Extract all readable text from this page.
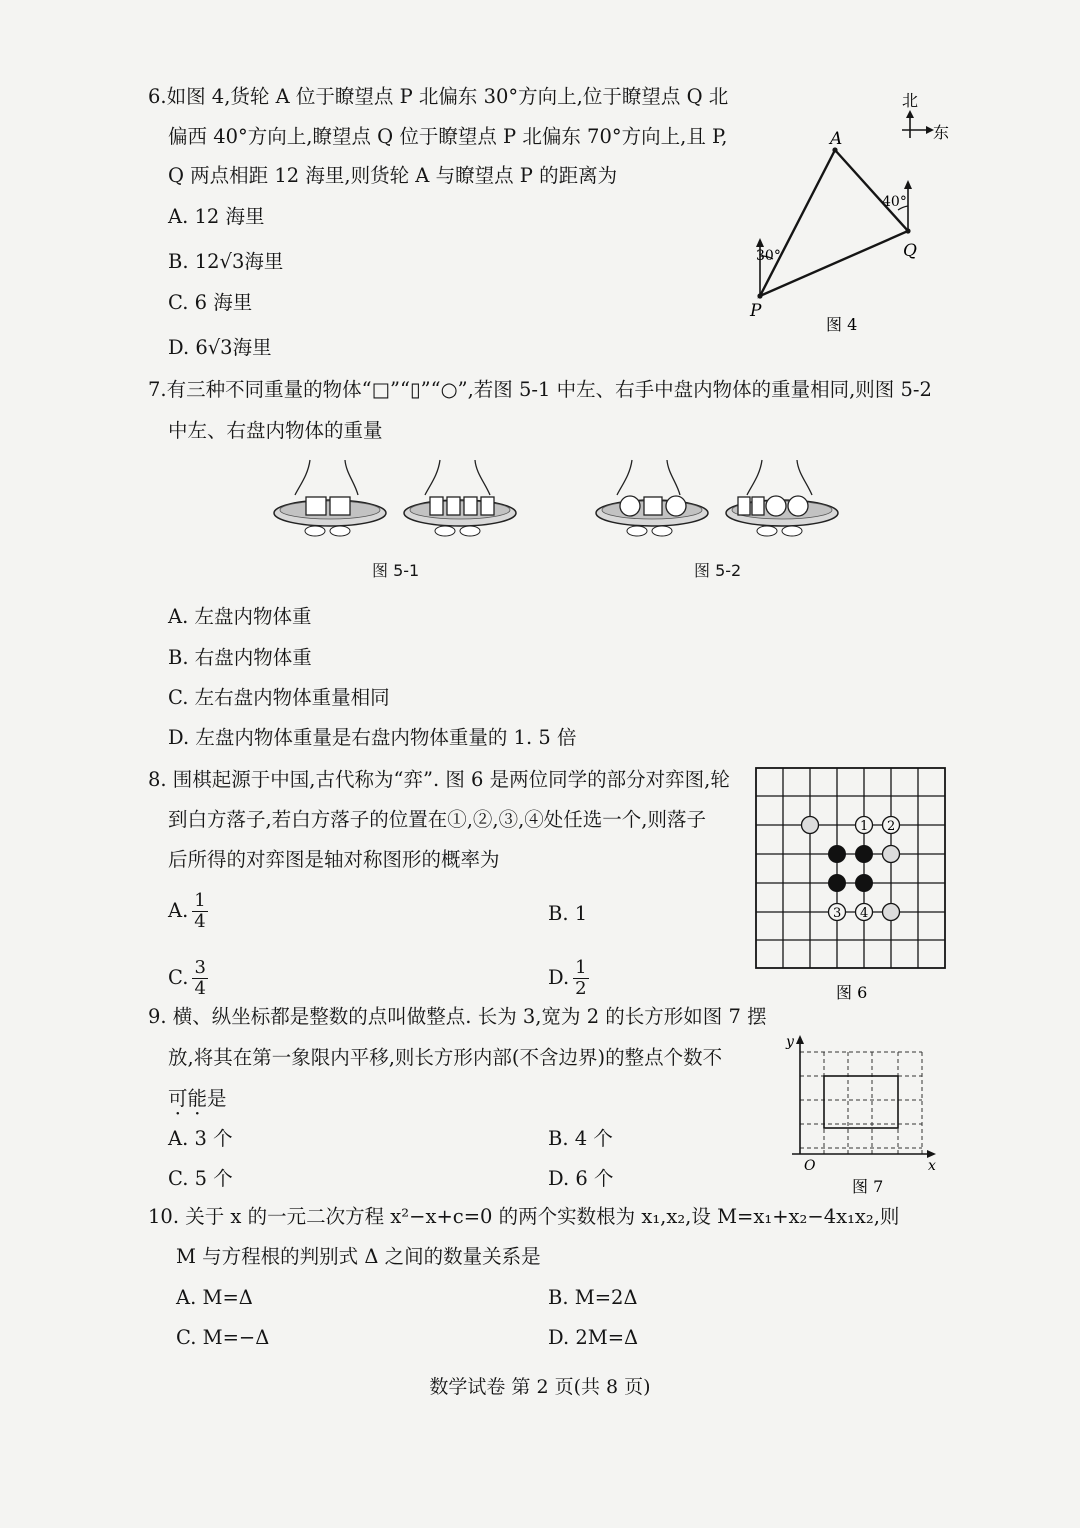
6.如图 4,货轮 A 位于瞭望点 P 北偏东 30°方向上,位于瞭望点 Q 北
偏西 40°方向上,瞭望点 Q 位于瞭望点 P 北偏东 70°方向上,且 P,
Q 两点相距 12 海里,则货轮 A 与瞭望点 P 的距离为
A. 12 海里
B. 12√3海里
C. 6 海里
D. 6√3海里
北
东
A
P
Q
30°
40°
图 4
7.有三种不同重量的物体“□”“▯”“○”,若图 5-1 中左、右手中盘内物体的重量相同,则图 5-2
中左、右盘内物体的重量
图 5-1	图 5-2
A. 左盘内物体重
B. 右盘内物体重
C. 左右盘内物体重量相同
D. 左盘内物体重量是右盘内物体重量的 1. 5 倍
8. 围棋起源于中国,古代称为“弈”. 图 6 是两位同学的部分对弈图,轮
到白方落子,若白方落子的位置在①,②,③,④处任选一个,则落子
后所得的对弈图是轴对称图形的概率为
A. $\frac{1}{4}$	B. 1
C. $\frac{3}{4}$	D. $\frac{1}{2}$
1 2
3 4
图 6
9. 横、纵坐标都是整数的点叫做整点. 长为 3,宽为 2 的长方形如图 7 摆
放,将其在第一象限内平移,则长方形内部(不含边界)的整点个数不
可能是
A. 3 个	B. 4 个
C. 5 个	D. 6 个
y
x
O
图 7
10. 关于 x 的一元二次方程 x²−x+c=0 的两个实数根为 x₁,x₂,设 M=x₁+x₂−4x₁x₂,则
M 与方程根的判别式 Δ 之间的数量关系是
A. M=Δ	B. M=2Δ
C. M=−Δ	D. 2M=Δ
数学试卷 第 2 页(共 8 页)
